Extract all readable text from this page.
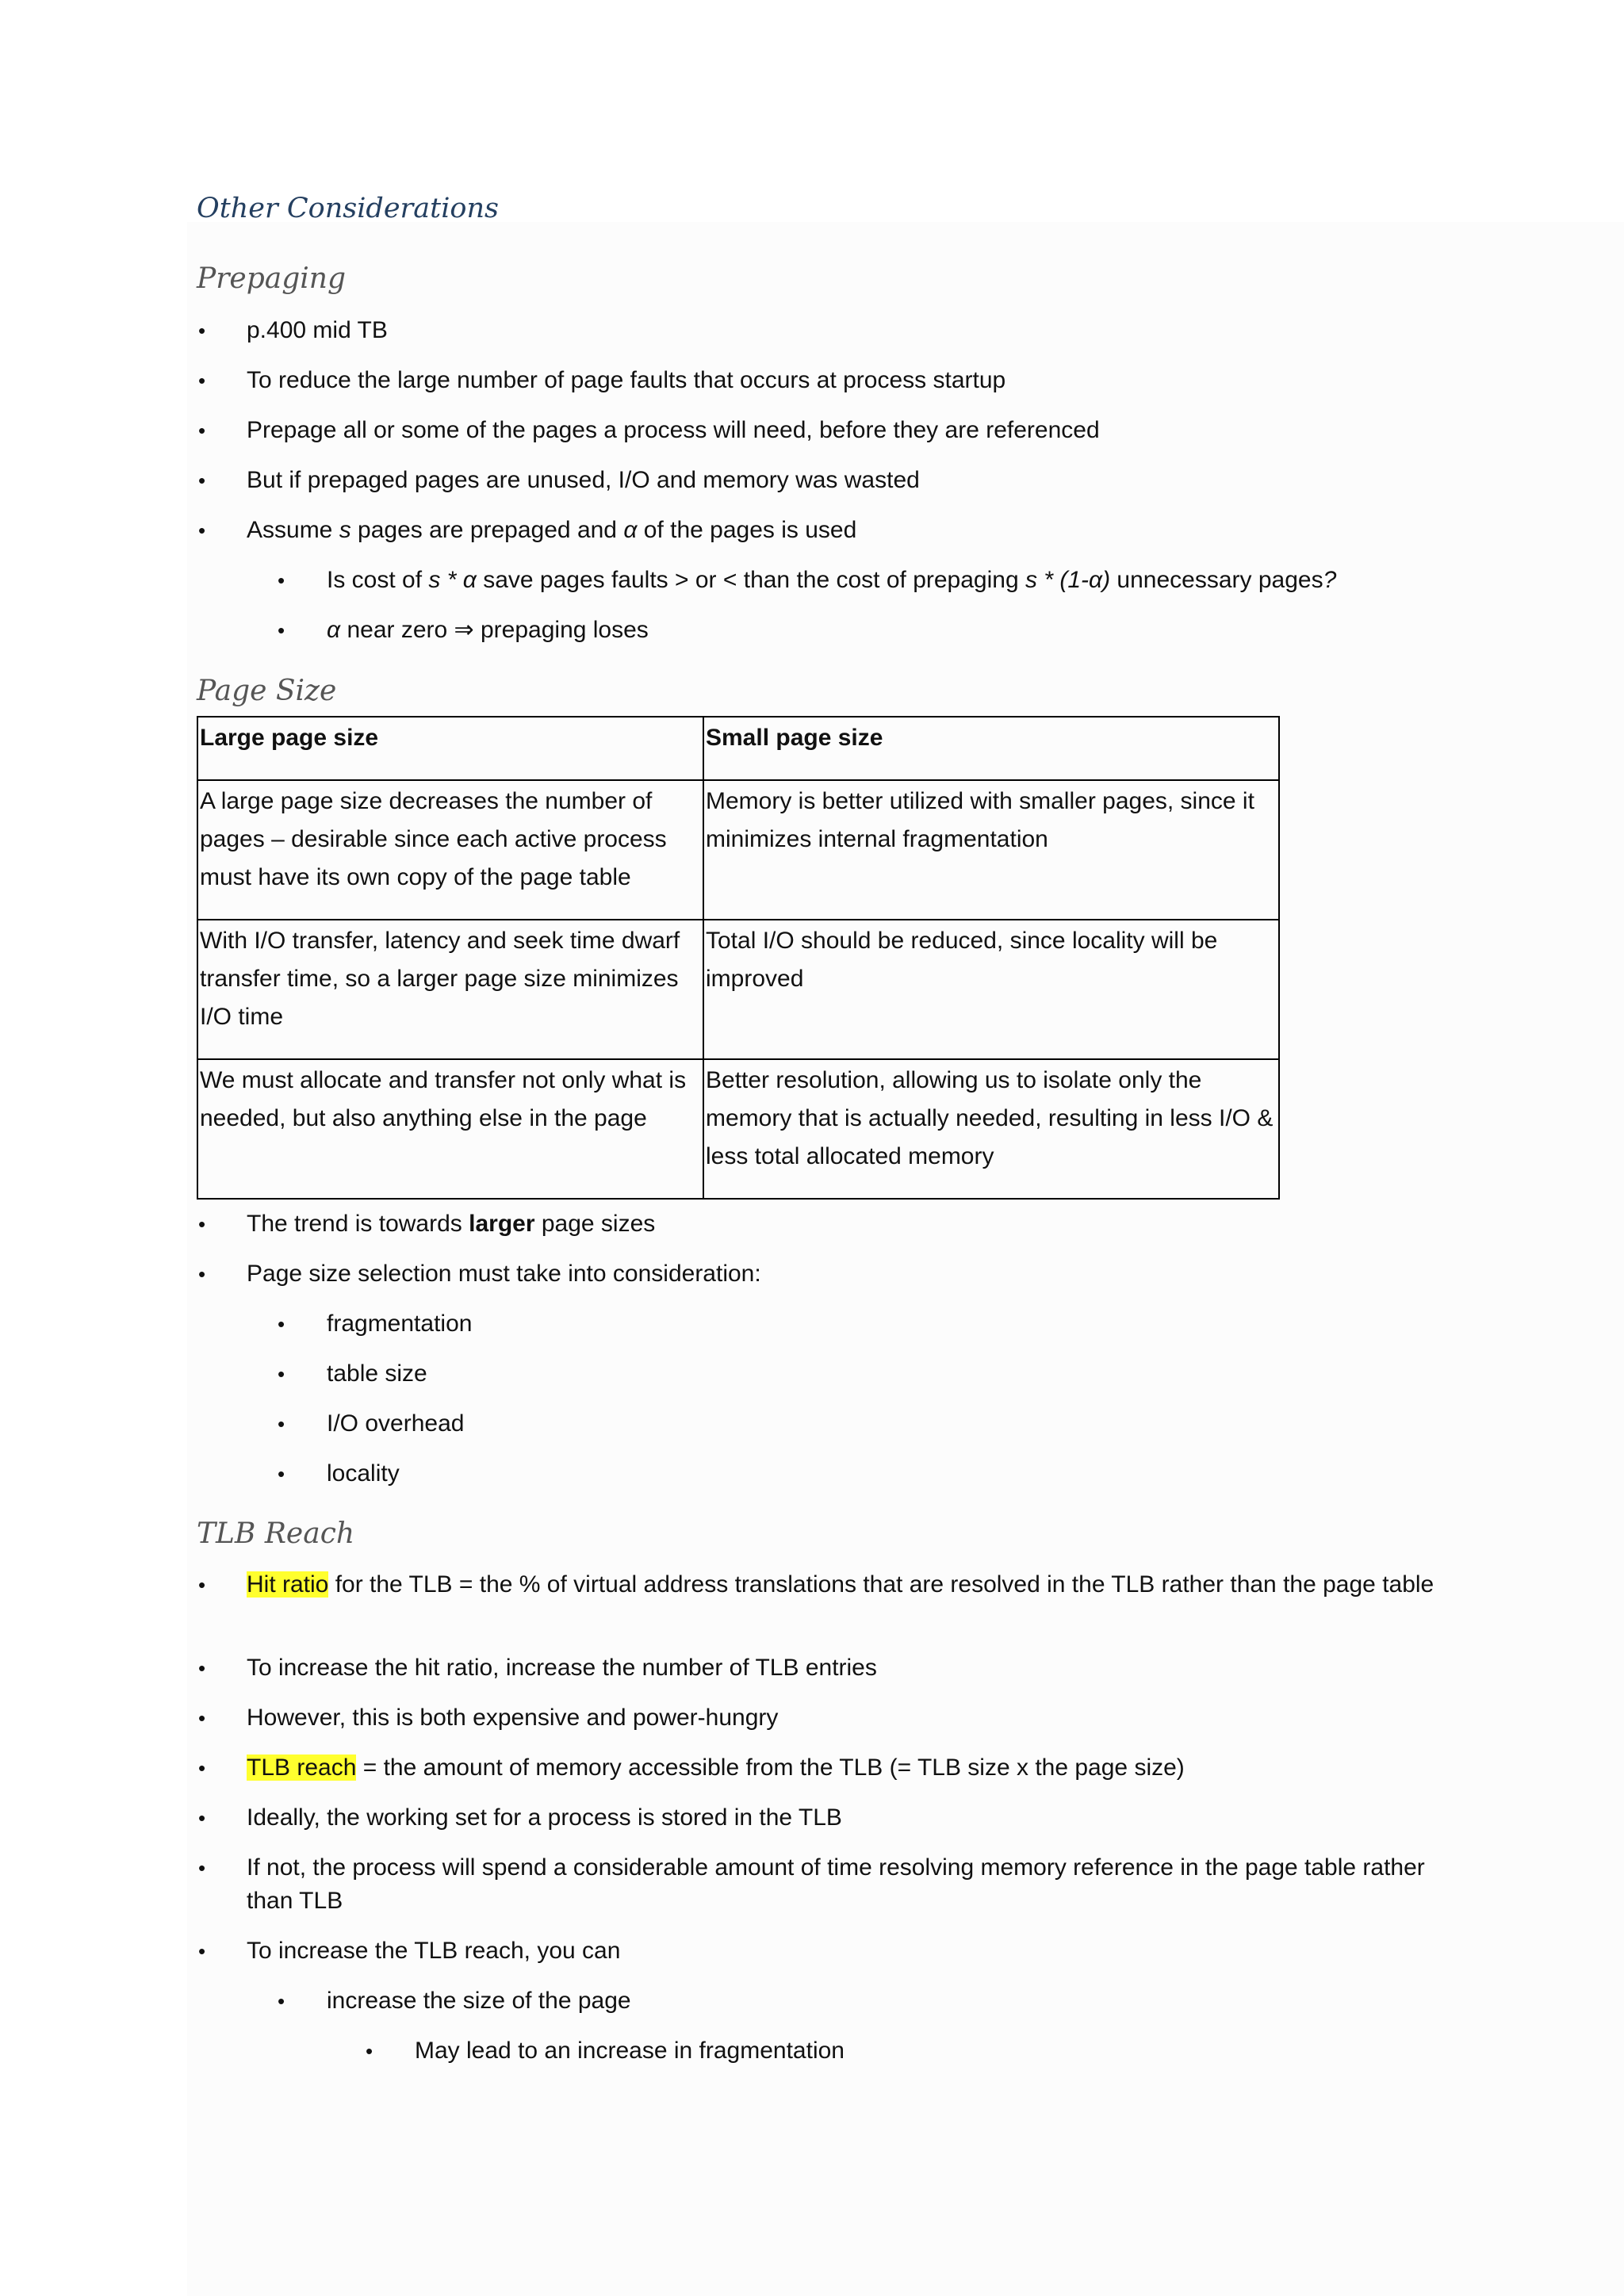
Other Considerations
Prepaging
• p.400 mid TB
• To reduce the large number of page faults that occurs at process startup
• Prepage all or some of the pages a process will need, before they are referenced
• But if prepaged pages are unused, I/O and memory was wasted
• Assume s pages are prepaged and α of the pages is used
• Is cost of s * α save pages faults > or < than the cost of prepaging s * (1-α) unnecessary pages?
• α near zero ⇒ prepaging loses
Page Size
Large page size	Small page size
A large page size decreases the number of pages – desirable since each active process must have its own copy of the page table	Memory is better utilized with smaller pages, since it minimizes internal fragmentation
With I/O transfer, latency and seek time dwarf transfer time, so a larger page size minimizes I/O time	Total I/O should be reduced, since locality will be improved
We must allocate and transfer not only what is needed, but also anything else in the page	Better resolution, allowing us to isolate only the memory that is actually needed, resulting in less I/O & less total allocated memory
• The trend is towards larger page sizes
• Page size selection must take into consideration:
• fragmentation
• table size
• I/O overhead
• locality
TLB Reach
• Hit ratio for the TLB = the % of virtual address translations that are resolved in the TLB rather than the page table
• To increase the hit ratio, increase the number of TLB entries
• However, this is both expensive and power-hungry
• TLB reach = the amount of memory accessible from the TLB (= TLB size x the page size)
• Ideally, the working set for a process is stored in the TLB
• If not, the process will spend a considerable amount of time resolving memory reference in the page table rather than TLB
• To increase the TLB reach, you can
• increase the size of the page
• May lead to an increase in fragmentation
